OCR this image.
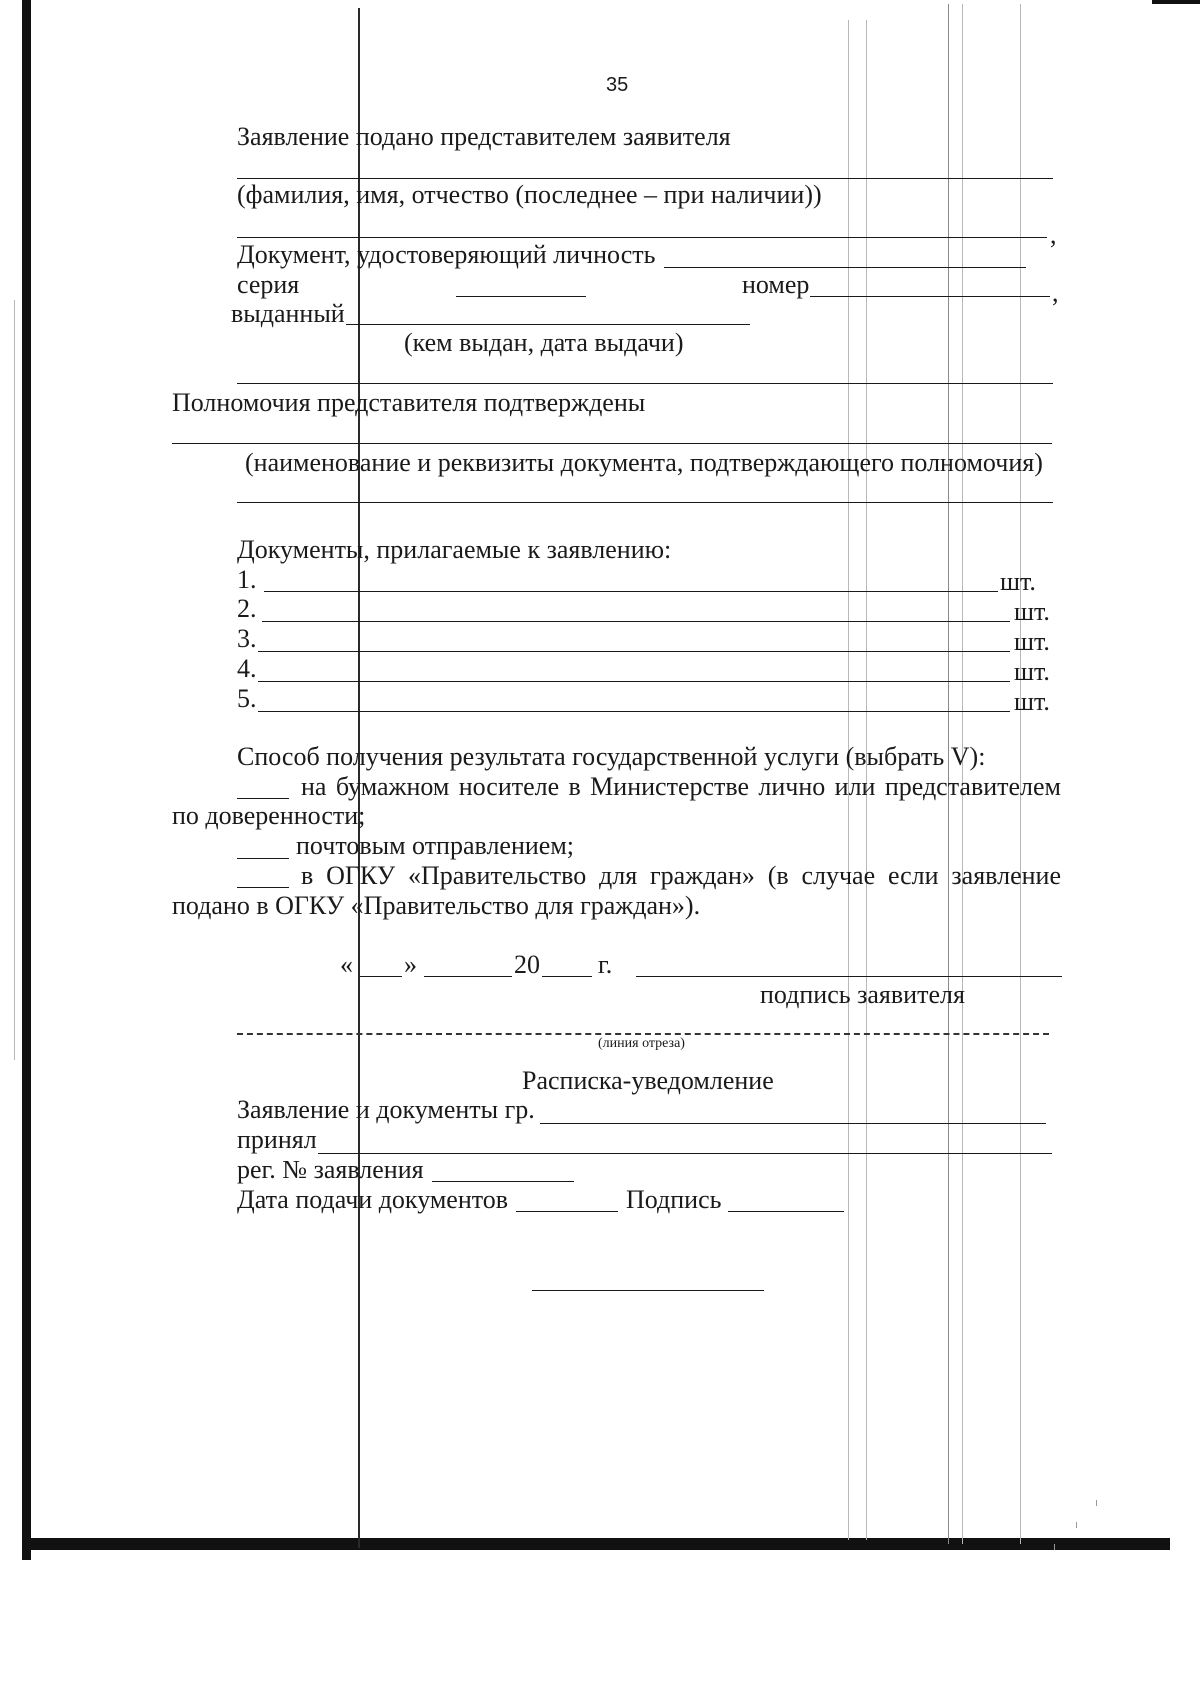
35
Заявление подано представителем заявителя
(фамилия, имя, отчество (последнее – при наличии))
,
Документ, удостоверяющий личность
серия	номер	,
выданный
(кем выдан, дата выдачи)
Полномочия представителя подтверждены
(наименование и реквизиты документа, подтверждающего полномочия)
Документы, прилагаемые к заявлению:
1.	шт.
2.	шт.
3.	шт.
4.	шт.
5.	шт.
Способ получения результата государственной услуги (выбрать V):
на бумажном носителе в Министерстве лично или представителем
по доверенности;
почтовым отправлением;
в ОГКУ «Правительство для граждан» (в случае если заявление
подано в ОГКУ «Правительство для граждан»).
« »	20 г.
подпись заявителя
(линия отреза)
Расписка-уведомление
Заявление и документы гр.
принял
рег. № заявления
Дата подачи документов	Подпись
